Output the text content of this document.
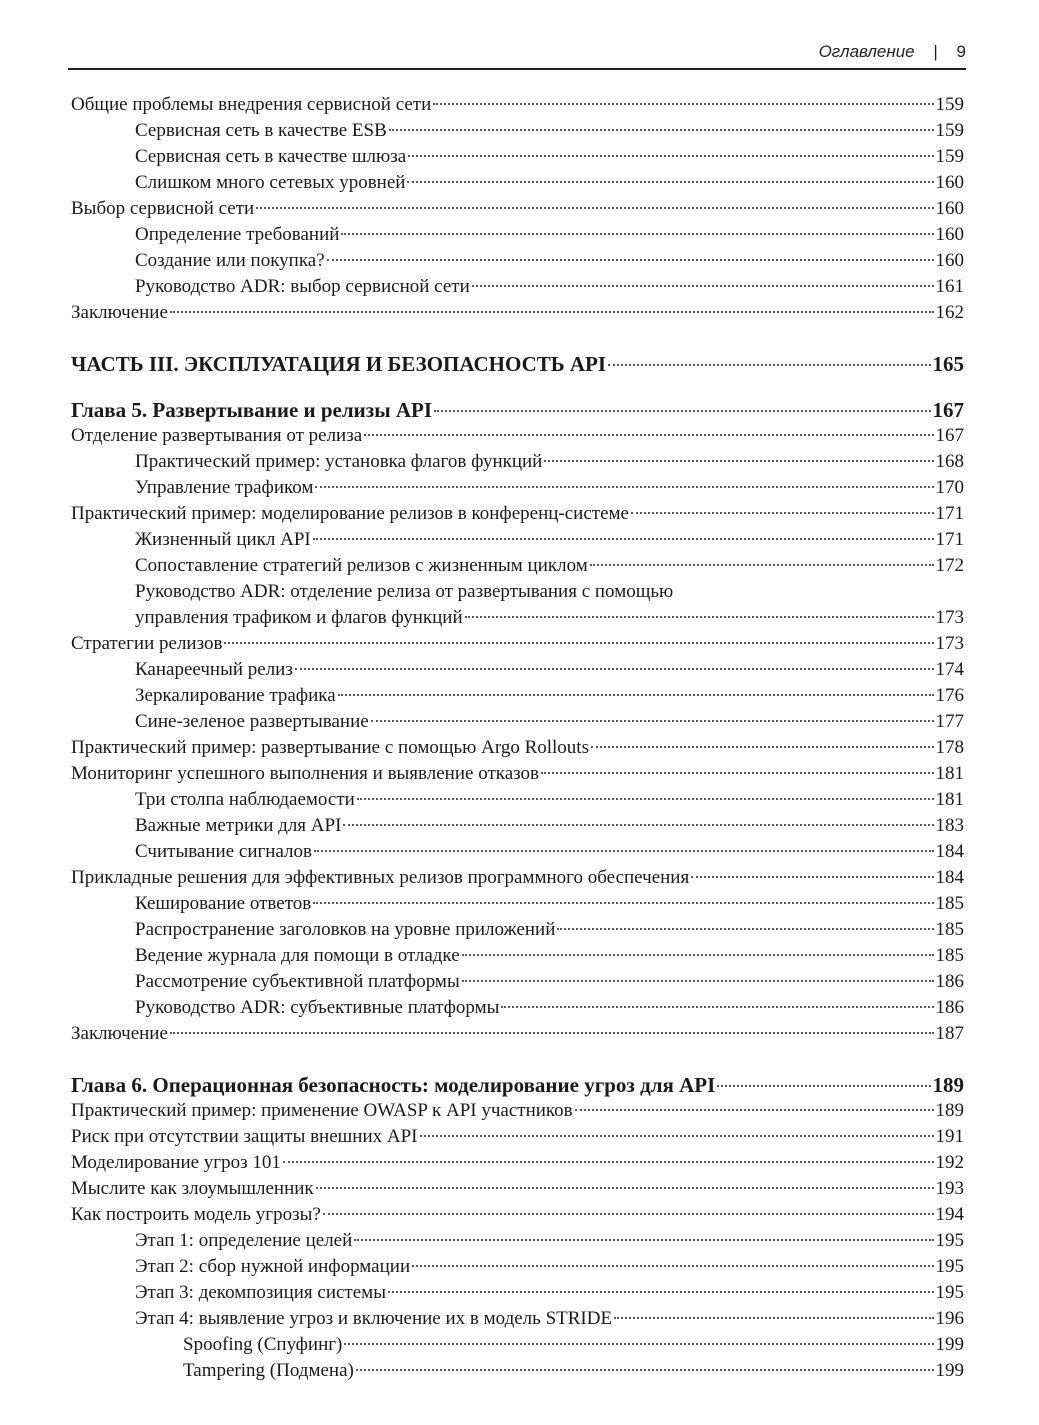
Оглавление | 9
Общие проблемы внедрения сервисной сети	159
Сервисная сеть в качестве ESB	159
Сервисная сеть в качестве шлюза	159
Слишком много сетевых уровней	160
Выбор сервисной сети	160
Определение требований	160
Создание или покупка?	160
Руководство ADR: выбор сервисной сети	161
Заключение	162
ЧАСТЬ III. ЭКСПЛУАТАЦИЯ И БЕЗОПАСНОСТЬ API	165
Глава 5. Развертывание и релизы API	167
Отделение развертывания от релиза	167
Практический пример: установка флагов функций	168
Управление трафиком	170
Практический пример: моделирование релизов в конференц-системе	171
Жизненный цикл API	171
Сопоставление стратегий релизов с жизненным циклом	172
Руководство ADR: отделение релиза от развертывания с помощью
управления трафиком и флагов функций	173
Стратегии релизов	173
Канареечный релиз	174
Зеркалирование трафика	176
Сине-зеленое развертывание	177
Практический пример: развертывание с помощью Argo Rollouts	178
Мониторинг успешного выполнения и выявление отказов	181
Три столпа наблюдаемости	181
Важные метрики для API	183
Считывание сигналов	184
Прикладные решения для эффективных релизов программного обеспечения	184
Кеширование ответов	185
Распространение заголовков на уровне приложений	185
Ведение журнала для помощи в отладке	185
Рассмотрение субъективной платформы	186
Руководство ADR: субъективные платформы	186
Заключение	187
Глава 6. Операционная безопасность: моделирование угроз для API	189
Практический пример: применение OWASP к API участников	189
Риск при отсутствии защиты внешних API	191
Моделирование угроз 101	192
Мыслите как злоумышленник	193
Как построить модель угрозы?	194
Этап 1: определение целей	195
Этап 2: сбор нужной информации	195
Этап 3: декомпозиция системы	195
Этап 4: выявление угроз и включение их в модель STRIDE	196
Spoofing (Спуфинг)	199
Tampering (Подмена)	199
